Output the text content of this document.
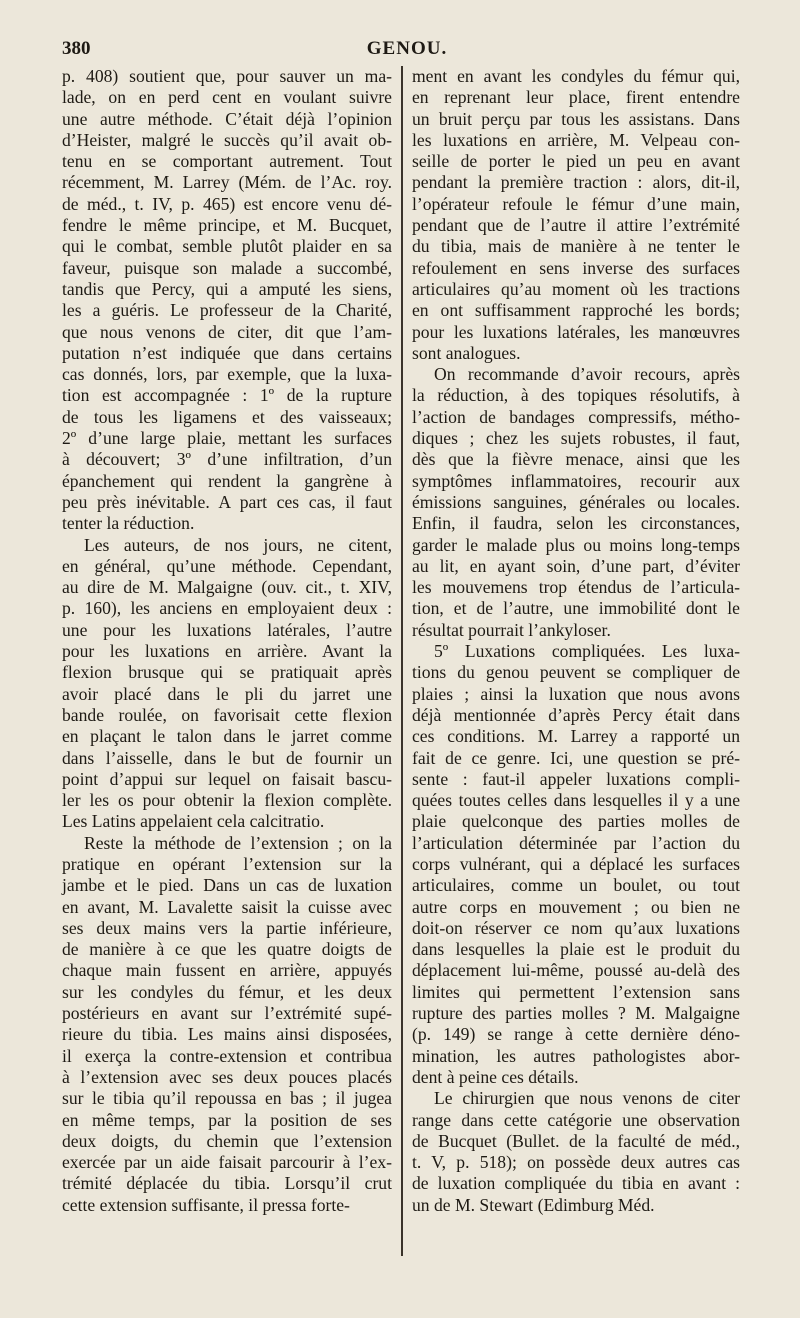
380	GENOU.
p. 408) soutient que, pour sauver un ma-
lade, on en perd cent en voulant suivre
une autre méthode. C’était déjà l’opinion
d’Heister, malgré le succès qu’il avait ob-
tenu en se comportant autrement. Tout
récemment, M. Larrey (Mém. de l’Ac. roy.
de méd., t. IV, p. 465) est encore venu dé-
fendre le même principe, et M. Bucquet,
qui le combat, semble plutôt plaider en sa
faveur, puisque son malade a succombé,
tandis que Percy, qui a amputé les siens,
les a guéris. Le professeur de la Charité,
que nous venons de citer, dit que l’am-
putation n’est indiquée que dans certains
cas donnés, lors, par exemple, que la luxa-
tion est accompagnée : 1º de la rupture
de tous les ligamens et des vaisseaux;
2º d’une large plaie, mettant les surfaces
à découvert; 3º d’une infiltration, d’un
épanchement qui rendent la gangrène à
peu près inévitable. A part ces cas, il faut
tenter la réduction.
Les auteurs, de nos jours, ne citent,
en général, qu’une méthode. Cependant,
au dire de M. Malgaigne (ouv. cit., t. XIV,
p. 160), les anciens en employaient deux :
une pour les luxations latérales, l’autre
pour les luxations en arrière. Avant la
flexion brusque qui se pratiquait après
avoir placé dans le pli du jarret une
bande roulée, on favorisait cette flexion
en plaçant le talon dans le jarret comme
dans l’aisselle, dans le but de fournir un
point d’appui sur lequel on faisait bascu-
ler les os pour obtenir la flexion complète.
Les Latins appelaient cela calcitratio.
Reste la méthode de l’extension ; on la
pratique en opérant l’extension sur la
jambe et le pied. Dans un cas de luxation
en avant, M. Lavalette saisit la cuisse avec
ses deux mains vers la partie inférieure,
de manière à ce que les quatre doigts de
chaque main fussent en arrière, appuyés
sur les condyles du fémur, et les deux
postérieurs en avant sur l’extrémité supé-
rieure du tibia. Les mains ainsi disposées,
il exerça la contre-extension et contribua
à l’extension avec ses deux pouces placés
sur le tibia qu’il repoussa en bas ; il jugea
en même temps, par la position de ses
deux doigts, du chemin que l’extension
exercée par un aide faisait parcourir à l’ex-
trémité déplacée du tibia. Lorsqu’il crut
cette extension suffisante, il pressa forte-
ment en avant les condyles du fémur qui,
en reprenant leur place, firent entendre
un bruit perçu par tous les assistans. Dans
les luxations en arrière, M. Velpeau con-
seille de porter le pied un peu en avant
pendant la première traction : alors, dit-il,
l’opérateur refoule le fémur d’une main,
pendant que de l’autre il attire l’extrémité
du tibia, mais de manière à ne tenter le
refoulement en sens inverse des surfaces
articulaires qu’au moment où les tractions
en ont suffisamment rapproché les bords;
pour les luxations latérales, les manœuvres
sont analogues.
On recommande d’avoir recours, après
la réduction, à des topiques résolutifs, à
l’action de bandages compressifs, métho-
diques ; chez les sujets robustes, il faut,
dès que la fièvre menace, ainsi que les
symptômes inflammatoires, recourir aux
émissions sanguines, générales ou locales.
Enfin, il faudra, selon les circonstances,
garder le malade plus ou moins long-temps
au lit, en ayant soin, d’une part, d’éviter
les mouvemens trop étendus de l’articula-
tion, et de l’autre, une immobilité dont le
résultat pourrait l’ankyloser.
5º Luxations compliquées. Les luxa-
tions du genou peuvent se compliquer de
plaies ; ainsi la luxation que nous avons
déjà mentionnée d’après Percy était dans
ces conditions. M. Larrey a rapporté un
fait de ce genre. Ici, une question se pré-
sente : faut-il appeler luxations compli-
quées toutes celles dans lesquelles il y a une
plaie quelconque des parties molles de
l’articulation déterminée par l’action du
corps vulnérant, qui a déplacé les surfaces
articulaires, comme un boulet, ou tout
autre corps en mouvement ; ou bien ne
doit-on réserver ce nom qu’aux luxations
dans lesquelles la plaie est le produit du
déplacement lui-même, poussé au-delà des
limites qui permettent l’extension sans
rupture des parties molles ? M. Malgaigne
(p. 149) se range à cette dernière déno-
mination, les autres pathologistes abor-
dent à peine ces détails.
Le chirurgien que nous venons de citer
range dans cette catégorie une observation
de Bucquet (Bullet. de la faculté de méd.,
t. V, p. 518); on possède deux autres cas
de luxation compliquée du tibia en avant :
un de M. Stewart (Edimburg Méd.
